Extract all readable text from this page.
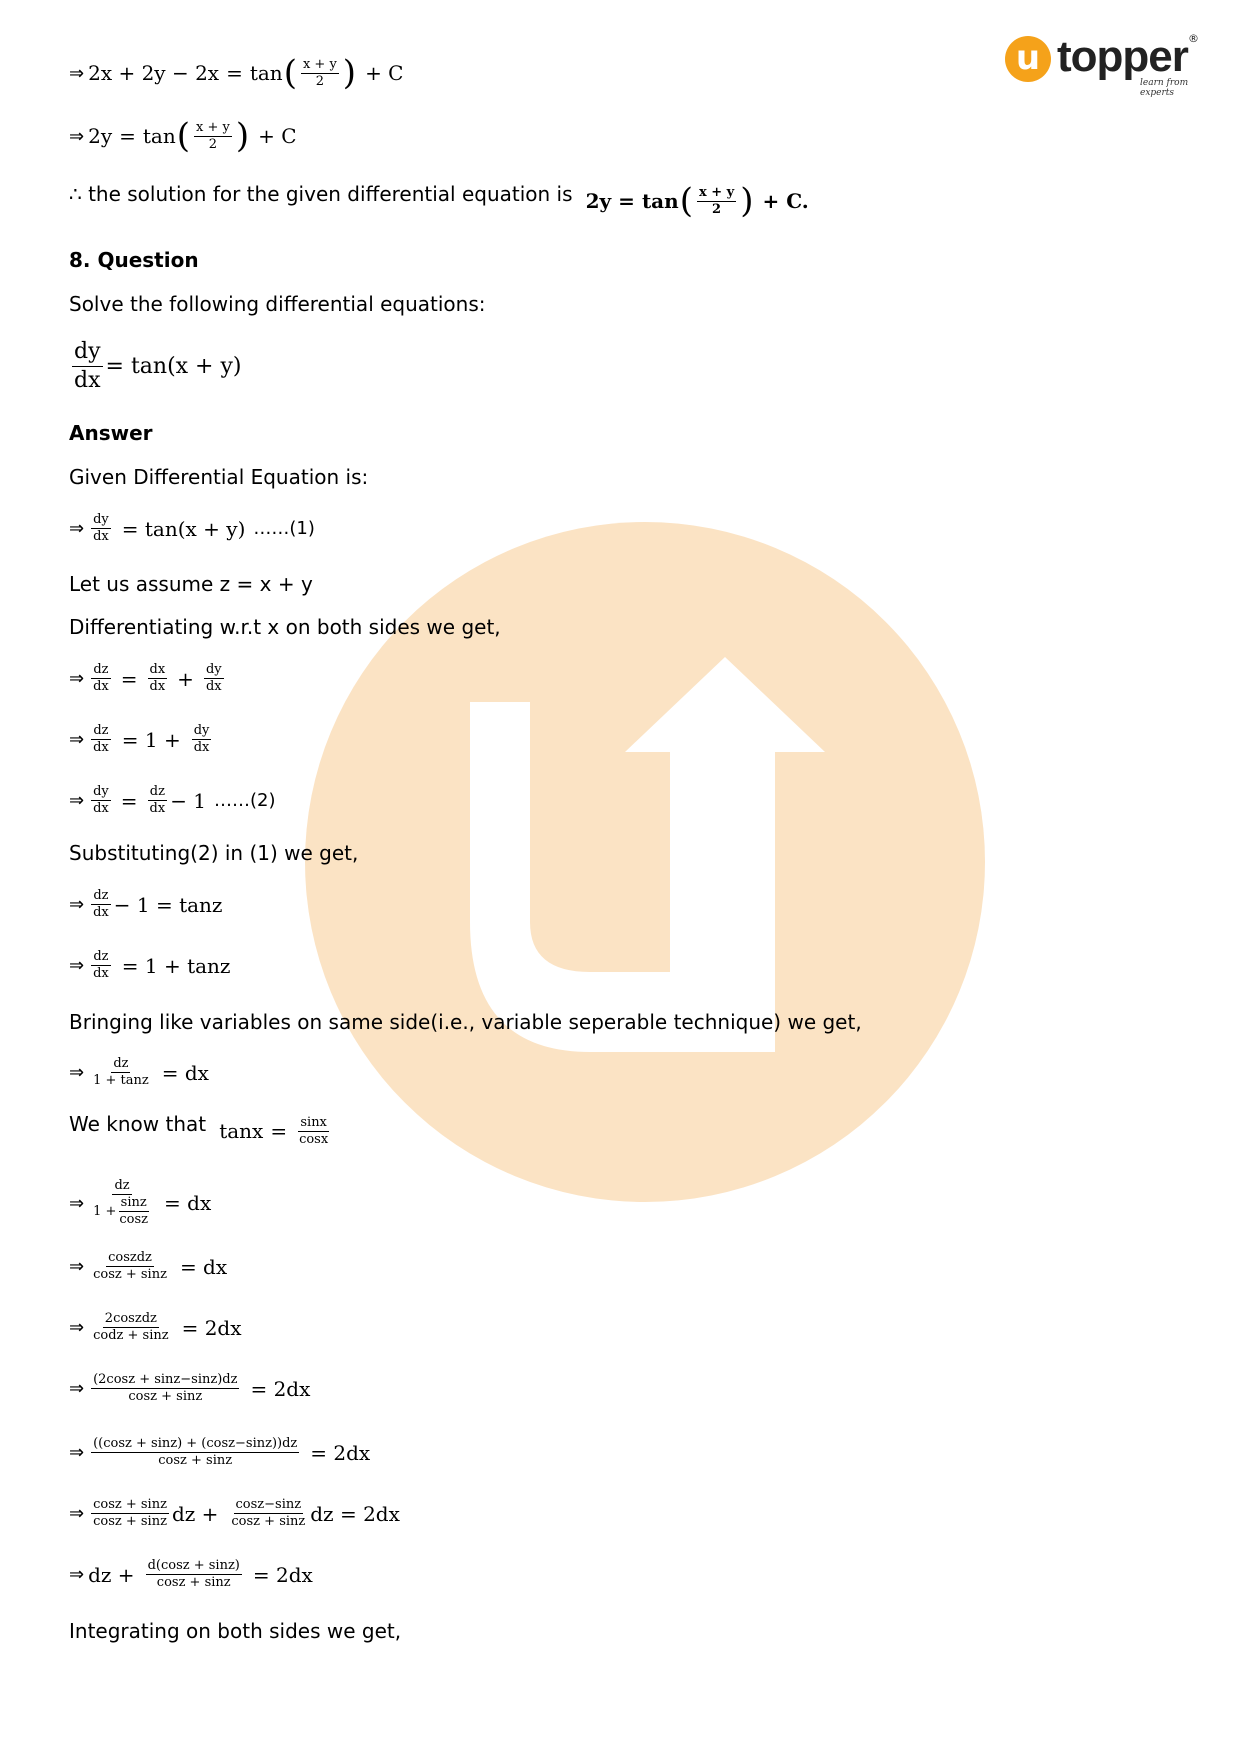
u topper ®
learn from experts
⇒ 2x + 2y − 2x = tan ( $\frac{x + y}{2}$ ) + C
⇒ 2y = tan ( $\frac{x + y}{2}$ ) + C
∴ the solution for the given differential equation is 2y = tan ( $\frac{x + y}{2}$ ) + C.
8. Question
Solve the following differential equations:
$\frac{dy}{dx} = \tan(x + y)$
Answer
Given Differential Equation is:
⇒ $\frac{dy}{dx} = \tan(x + y)$ ……(1)
Let us assume z = x + y
Differentiating w.r.t x on both sides we get,
⇒ $\frac{dz}{dx} = \frac{dx}{dx} + \frac{dy}{dx}$
⇒ $\frac{dz}{dx} = 1 + \frac{dy}{dx}$
⇒ $\frac{dy}{dx} = \frac{dz}{dx} - 1$ ……(2)
Substituting(2) in (1) we get,
⇒ $\frac{dz}{dx} - 1 = \tan z$
⇒ $\frac{dz}{dx} = 1 + \tan z$
Bringing like variables on same side(i.e., variable seperable technique) we get,
⇒ $\frac{dz}{1 + \tan z}$ = dx
We know that $\tan x = \frac{\sin x}{\cos x}$
⇒ $\frac{dz}{1 + \frac{\sin z}{\cos z}}$ = dx
⇒ $\frac{\text{coszdz}}{\cos z + \sin z}$ = dx
⇒ $\frac{\text{2coszdz}}{\text{codz + sinz}} = 2dx$
⇒ $\frac{(2\cos z + \sin z-\sin z)dz}{\cos z + \sin z} = 2dx$
⇒ $\frac{((\cos z + \sin z) + (\cos z-\sin z))dz}{\cos z + \sin z} = 2dx$
⇒ $\frac{\cos z + \sin z}{\cos z + \sin z}$ dz + $\frac{\cos z-\sin z}{\cos z + \sin z}$ dz = 2dx
⇒ dz + $\frac{d(\cos z + \sin z)}{\cos z + \sin z} = 2dx$
Integrating on both sides we get,
